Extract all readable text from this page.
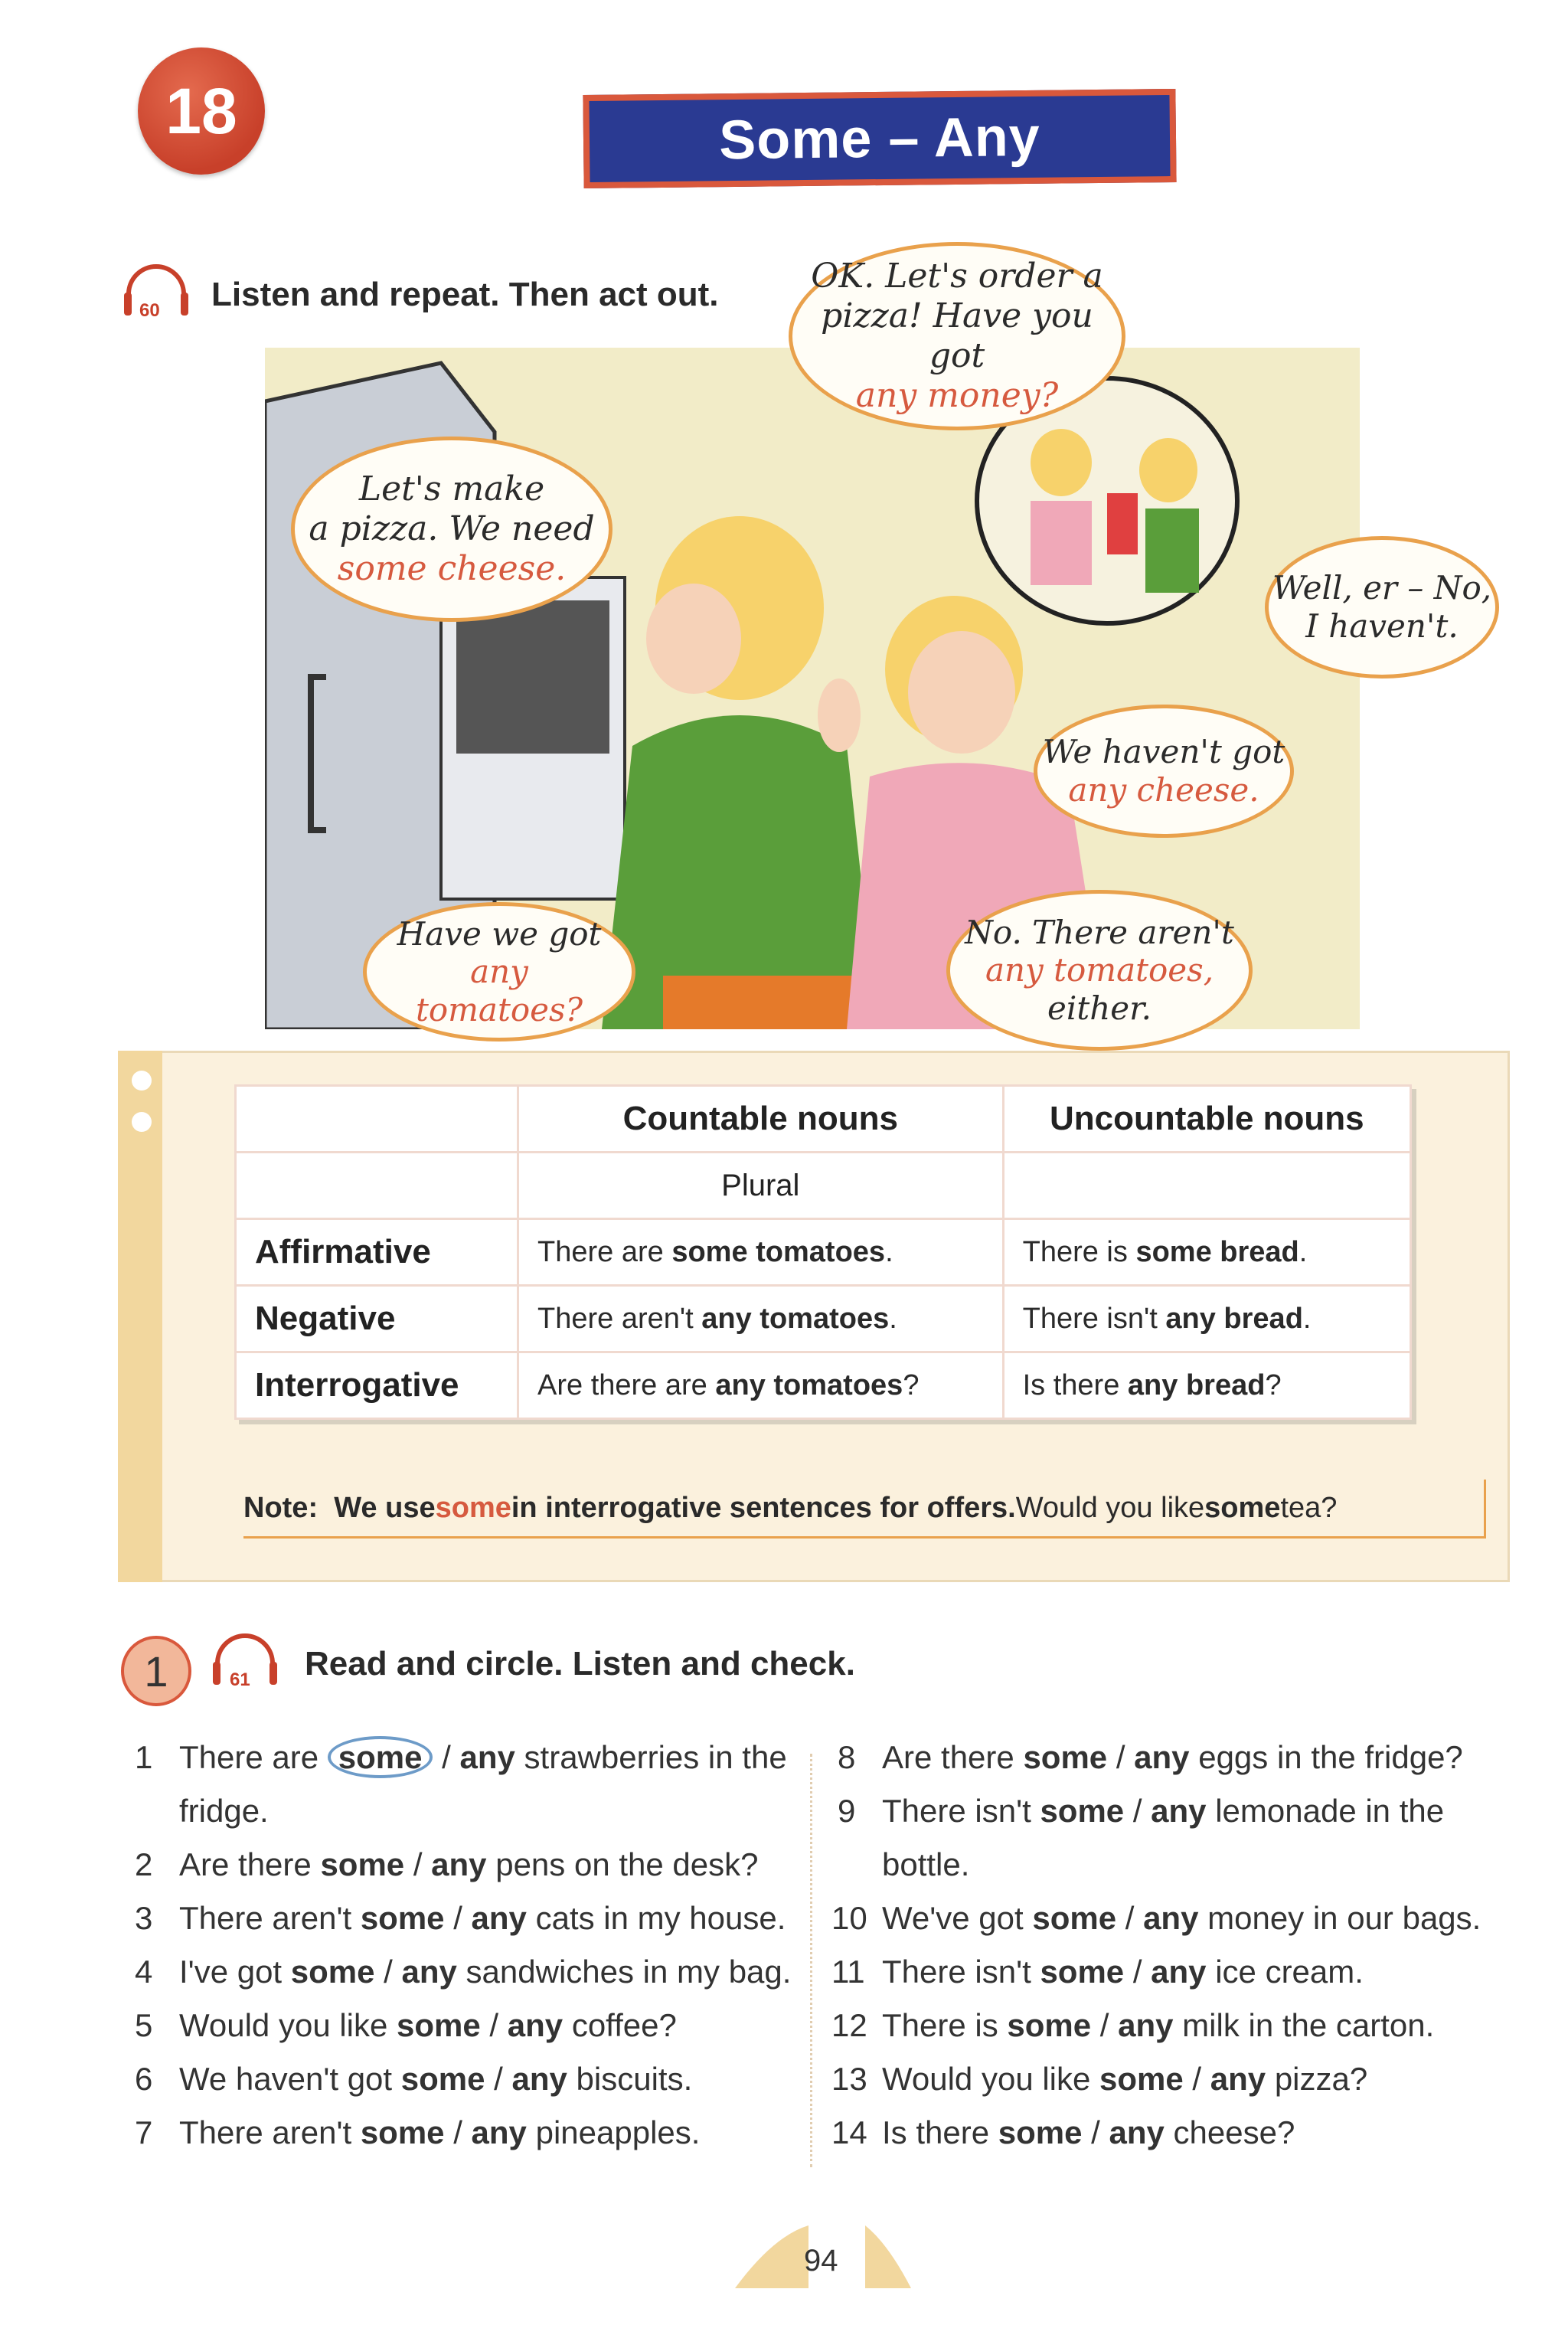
18	Some – Any
60 Listen and repeat. Then act out.	OK. Let's order a
pizza! Have you got
any money?
Let's make
a pizza. We need
some cheese.	Well, er – No,
I haven't.
We haven't got
any cheese.
Have we got any
tomatoes?
No. There aren't
any tomatoes,
either.
	Countable nouns	Uncountable nouns
	Plural	
Affirmative	There are some tomatoes.	There is some bread.
Negative	There aren't any tomatoes.	There isn't any bread.
Interrogative	Are there are any tomatoes?	Is there any bread?
Note:
We use some in interrogative sentences for offers. Would you like some tea?
1	61 Read and circle. Listen and check.
1 There are some / any strawberries in the
fridge.
2 Are there some / any pens on the desk?
3 There aren't some / any cats in my house.
4 I've got some / any sandwiches in my bag.
5 Would you like some / any coffee?
6 We haven't got some / any biscuits.
7 There aren't some / any pineapples.
8 Are there some / any eggs in the fridge?
9 There isn't some / any lemonade in the
bottle.
10 We've got some / any money in our bags.
11 There isn't some / any ice cream.
12 There is some / any milk in the carton.
13 Would you like some / any pizza?
14 Is there some / any cheese?
94
